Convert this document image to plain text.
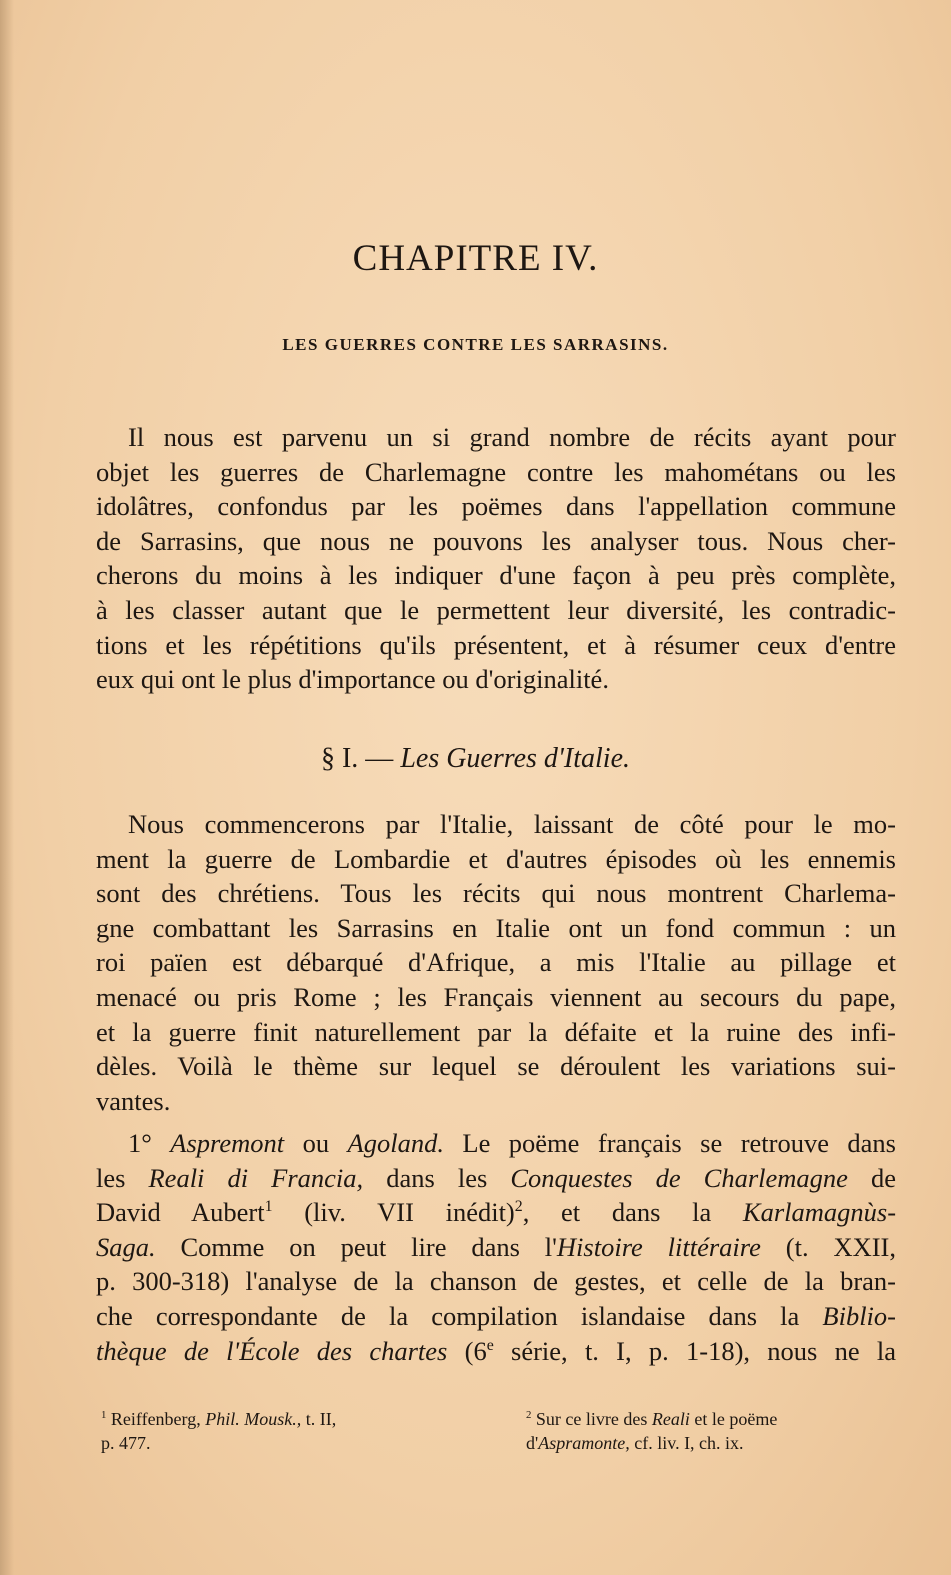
CHAPITRE IV.
LES GUERRES CONTRE LES SARRASINS.
Il nous est parvenu un si grand nombre de récits ayant pour
objet les guerres de Charlemagne contre les mahométans ou les
idolâtres, confondus par les poëmes dans l'appellation commune
de Sarrasins, que nous ne pouvons les analyser tous. Nous cher-
cherons du moins à les indiquer d'une façon à peu près complète,
à les classer autant que le permettent leur diversité, les contradic-
tions et les répétitions qu'ils présentent, et à résumer ceux d'entre
eux qui ont le plus d'importance ou d'originalité.
§ I. — Les Guerres d'Italie.
Nous commencerons par l'Italie, laissant de côté pour le mo-
ment la guerre de Lombardie et d'autres épisodes où les ennemis
sont des chrétiens. Tous les récits qui nous montrent Charlema-
gne combattant les Sarrasins en Italie ont un fond commun : un
roi païen est débarqué d'Afrique, a mis l'Italie au pillage et
menacé ou pris Rome ; les Français viennent au secours du pape,
et la guerre finit naturellement par la défaite et la ruine des infi-
dèles. Voilà le thème sur lequel se déroulent les variations sui-
vantes.
1° Aspremont ou Agoland. Le poëme français se retrouve dans
les Reali di Francia, dans les Conquestes de Charlemagne de
David Aubert$^1$ (liv. VII inédit)$^2$, et dans la Karlamagnùs-
Saga. Comme on peut lire dans l'Histoire littéraire (t. XXII,
p. 300-318) l'analyse de la chanson de gestes, et celle de la bran-
che correspondante de la compilation islandaise dans la Biblio-
thèque de l'École des chartes (6e série, t. I, p. 1-18), nous ne la
$^1$ Reiffenberg, Phil. Mousk., t. II,
p. 477.
$^2$ Sur ce livre des Reali et le poëme
d'Aspramonte, cf. liv. I, ch. ix.
